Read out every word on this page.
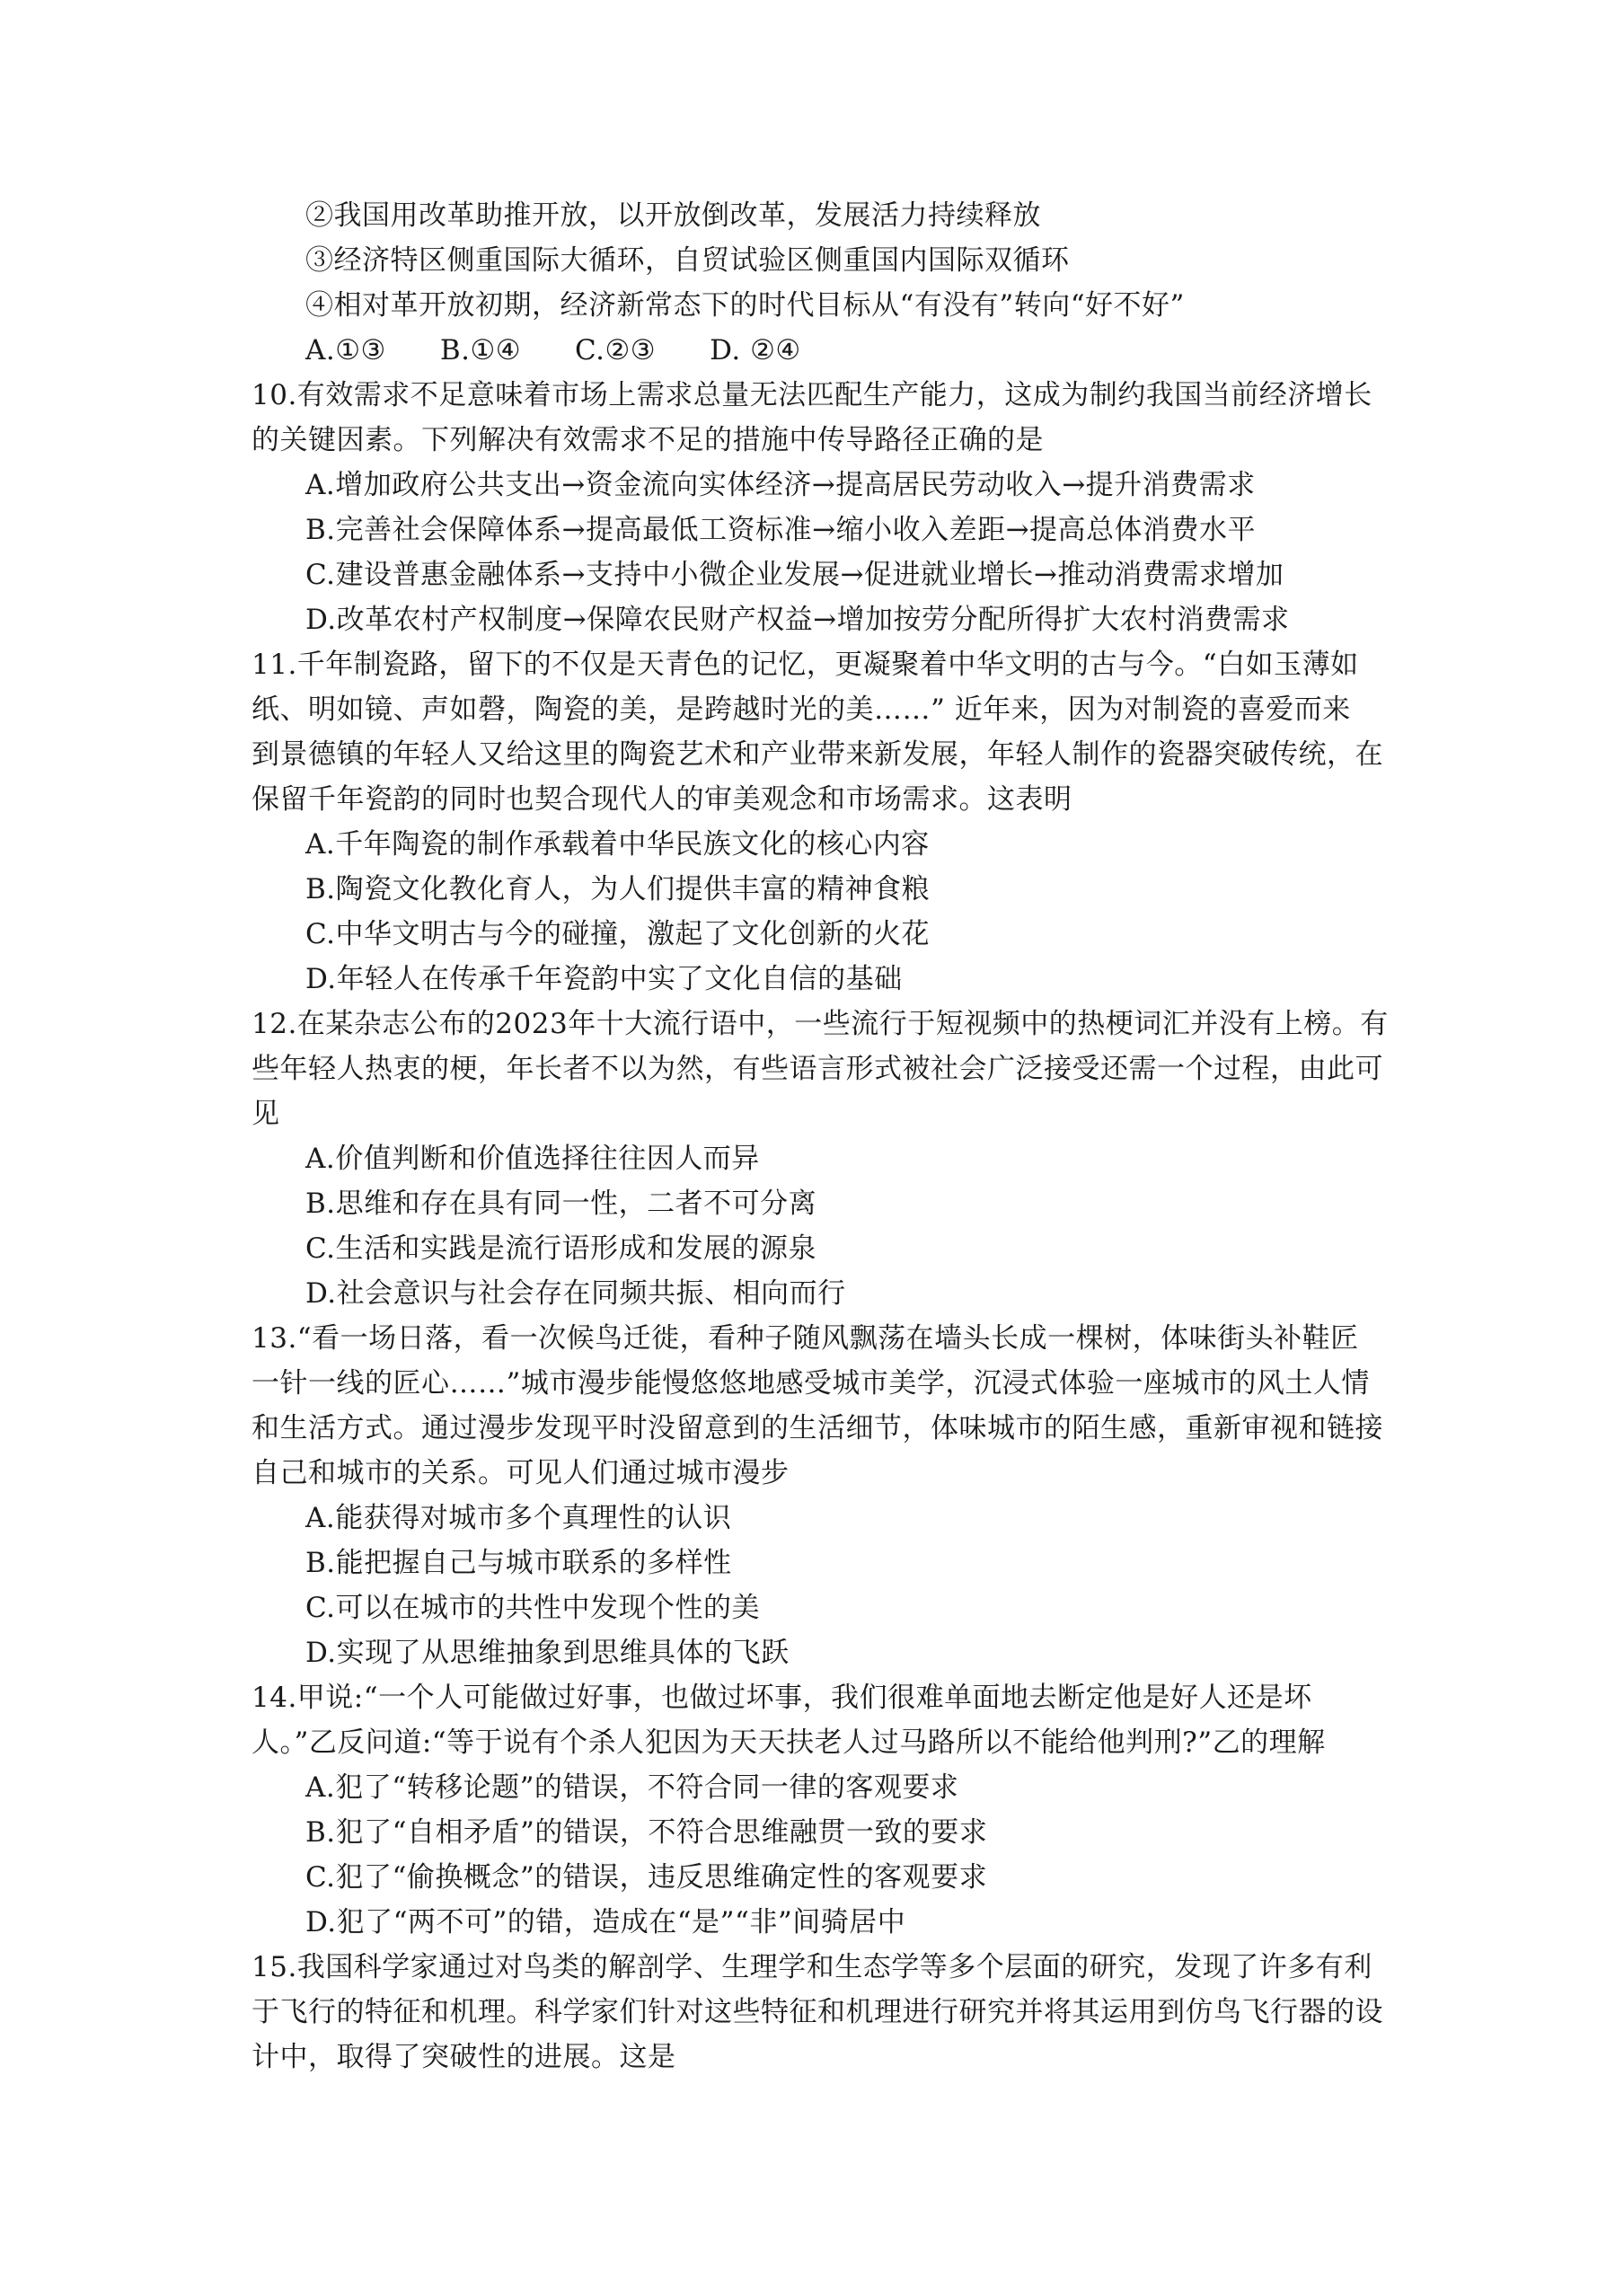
②我国用改革助推开放，以开放倒改革，发展活力持续释放
③经济特区侧重国际大循环，自贸试验区侧重国内国际双循环
④相对革开放初期，经济新常态下的时代目标从“有没有”转向“好不好”
A.①③ B.①④ C.②③ D. ②④
10.有效需求不足意味着市场上需求总量无法匹配生产能力，这成为制约我国当前经济增长
的关键因素。下列解决有效需求不足的措施中传导路径正确的是
A.增加政府公共支出→资金流向实体经济→提高居民劳动收入→提升消费需求
B.完善社会保障体系→提高最低工资标准→缩小收入差距→提高总体消费水平
C.建设普惠金融体系→支持中小微企业发展→促进就业增长→推动消费需求增加
D.改革农村产权制度→保障农民财产权益→增加按劳分配所得扩大农村消费需求
11.千年制瓷路，留下的不仅是天青色的记忆，更凝聚着中华文明的古与今。“白如玉薄如
纸、明如镜、声如磬，陶瓷的美，是跨越时光的美……” 近年来，因为对制瓷的喜爱而来
到景德镇的年轻人又给这里的陶瓷艺术和产业带来新发展，年轻人制作的瓷器突破传统，在
保留千年瓷韵的同时也契合现代人的审美观念和市场需求。这表明
A.千年陶瓷的制作承载着中华民族文化的核心内容
B.陶瓷文化教化育人，为人们提供丰富的精神食粮
C.中华文明古与今的碰撞，激起了文化创新的火花
D.年轻人在传承千年瓷韵中实了文化自信的基础
12.在某杂志公布的2023年十大流行语中，一些流行于短视频中的热梗词汇并没有上榜。有
些年轻人热衷的梗，年长者不以为然，有些语言形式被社会广泛接受还需一个过程，由此可
见
A.价值判断和价值选择往往因人而异
B.思维和存在具有同一性，二者不可分离
C.生活和实践是流行语形成和发展的源泉
D.社会意识与社会存在同频共振、相向而行
13.“看一场日落，看一次候鸟迁徙，看种子随风飘荡在墙头长成一棵树，体味街头补鞋匠
一针一线的匠心……”城市漫步能慢悠悠地感受城市美学，沉浸式体验一座城市的风土人情
和生活方式。通过漫步发现平时没留意到的生活细节，体味城市的陌生感，重新审视和链接
自己和城市的关系。可见人们通过城市漫步
A.能获得对城市多个真理性的认识
B.能把握自己与城市联系的多样性
C.可以在城市的共性中发现个性的美
D.实现了从思维抽象到思维具体的飞跃
14.甲说:“一个人可能做过好事，也做过坏事，我们很难单面地去断定他是好人还是坏
人。”乙反问道:“等于说有个杀人犯因为天天扶老人过马路所以不能给他判刑?”乙的理解
A.犯了“转移论题”的错误，不符合同一律的客观要求
B.犯了“自相矛盾”的错误，不符合思维融贯一致的要求
C.犯了“偷换概念”的错误，违反思维确定性的客观要求
D.犯了“两不可”的错，造成在“是”“非”间骑居中
15.我国科学家通过对鸟类的解剖学、生理学和生态学等多个层面的研究，发现了许多有利
于飞行的特征和机理。科学家们针对这些特征和机理进行研究并将其运用到仿鸟飞行器的设
计中，取得了突破性的进展。这是
